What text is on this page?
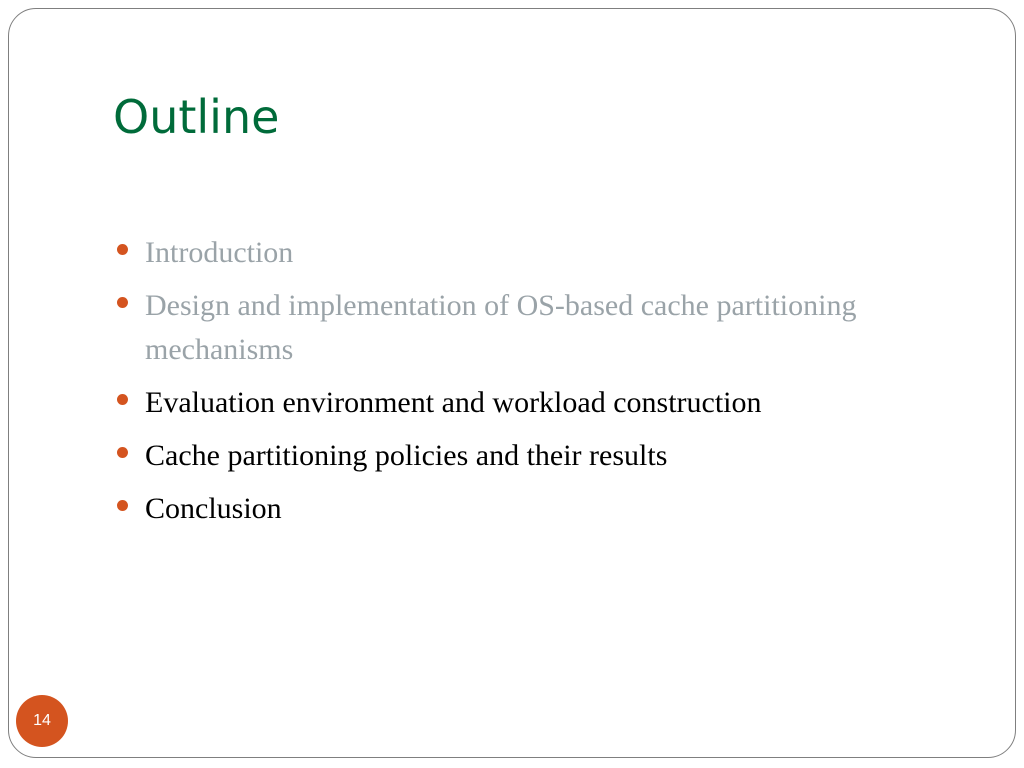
Outline
Introduction
Design and implementation of OS-based cache partitioning mechanisms
Evaluation environment and workload construction
Cache partitioning policies and their results
Conclusion
14
